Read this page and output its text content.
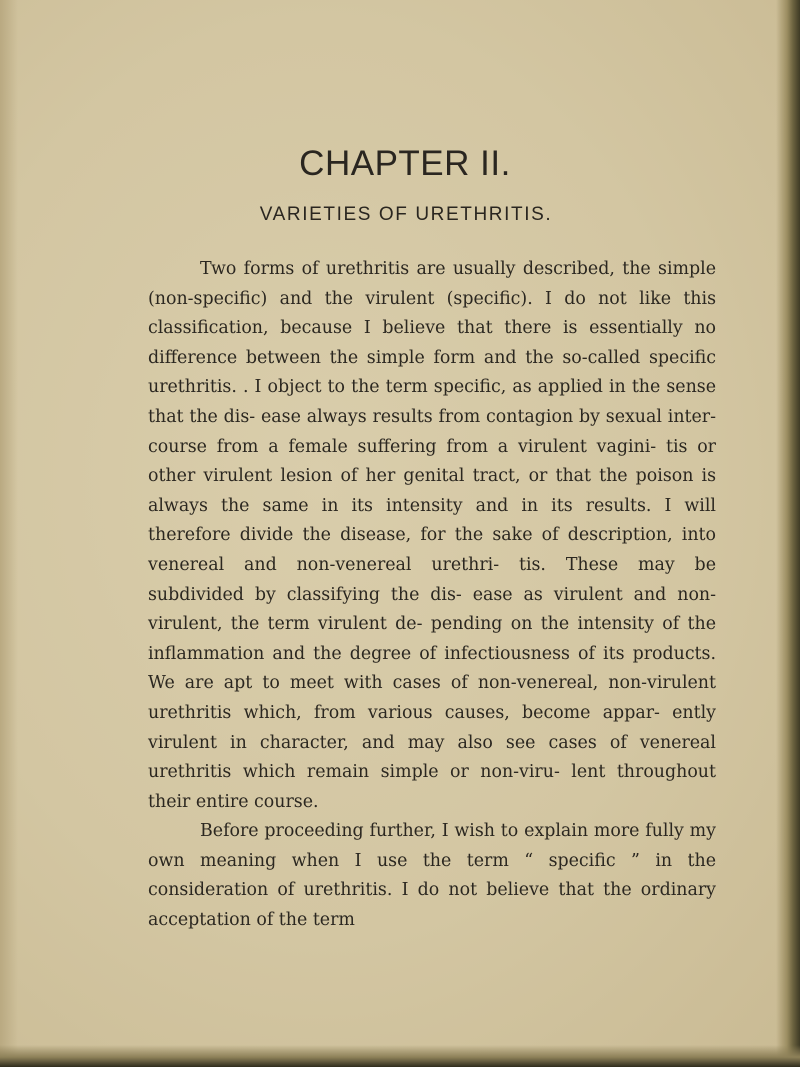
CHAPTER II.
VARIETIES OF URETHRITIS.

Two forms of urethritis are usually described, the simple (non-specific) and the virulent (specific). I do not like this classification, because I believe that there is essentially no difference between the simple form and the so-called specific urethritis. . I object to the term specific, as applied in the sense that the dis- ease always results from contagion by sexual inter- course from a female suffering from a virulent vagini- tis or other virulent lesion of her genital tract, or that the poison is always the same in its intensity and in its results. I will therefore divide the disease, for the sake of description, into venereal and non-venereal urethri- tis. These may be subdivided by classifying the dis- ease as virulent and non-virulent, the term virulent de- pending on the intensity of the inflammation and the degree of infectiousness of its products. We are apt to meet with cases of non-venereal, non-virulent urethritis which, from various causes, become appar- ently virulent in character, and may also see cases of venereal urethritis which remain simple or non-viru- lent throughout their entire course.

Before proceeding further, I wish to explain more fully my own meaning when I use the term “ specific ” in the consideration of urethritis. I do not believe that the ordinary acceptation of the term
